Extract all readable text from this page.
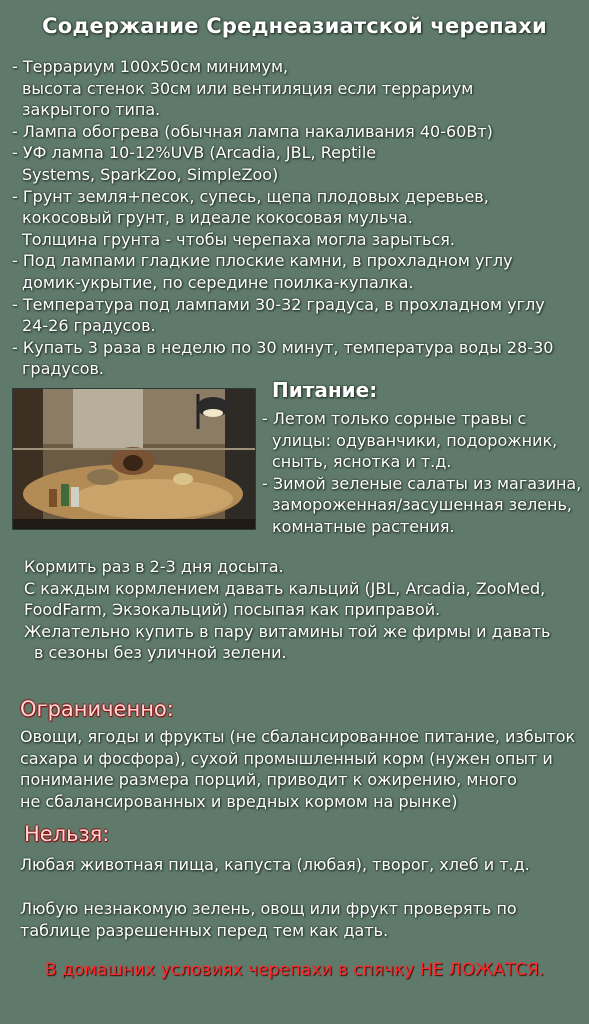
Содержание Среднеазиатской черепахи
- Террариум 100х50см минимум,
высота стенок 30см или вентиляция если террариум
закрытого типа.
- Лампа обогрева (обычная лампа накаливания 40-60Вт)
- УФ лампа 10-12%UVB (Arcadia, JBL, Reptile
Systems, SparkZoo, SimpleZoo)
- Грунт земля+песок, супесь, щепа плодовых деревьев,
кокосовый грунт, в идеале кокосовая мульча.
Толщина грунта - чтобы черепаха могла зарыться.
- Под лампами гладкие плоские камни, в прохладном углу
домик-укрытие, по середине поилка-купалка.
- Температура под лампами 30-32 градуса, в прохладном углу
24-26 градусов.
- Купать 3 раза в неделю по 30 минут, температура воды 28-30
градусов.
Питание:
- Летом только сорные травы с
улицы: одуванчики, подорожник,
сныть, яснотка и т.д.
- Зимой зеленые салаты из магазина,
замороженная/засушенная зелень,
комнатные растения.
Кормить раз в 2-3 дня досыта.
С каждым кормлением давать кальций (JBL, Arcadia, ZooMed,
FoodFarm, Экзокальций) посыпая как приправой.
Желательно купить в пару витамины той же фирмы и давать
в сезоны без уличной зелени.
Ограниченно:
Овощи, ягоды и фрукты (не сбалансированное питание, избыток
сахара и фосфора), сухой промышленный корм (нужен опыт и
понимание размера порций, приводит к ожирению, много
не сбалансированных и вредных кормом на рынке)
Нельзя:
Любая животная пища, капуста (любая), творог, хлеб и т.д.
Любую незнакомую зелень, овощ или фрукт проверять по
таблице разрешенных перед тем как дать.
В домашних условиях черепахи в спячку НЕ ЛОЖАТСЯ.
